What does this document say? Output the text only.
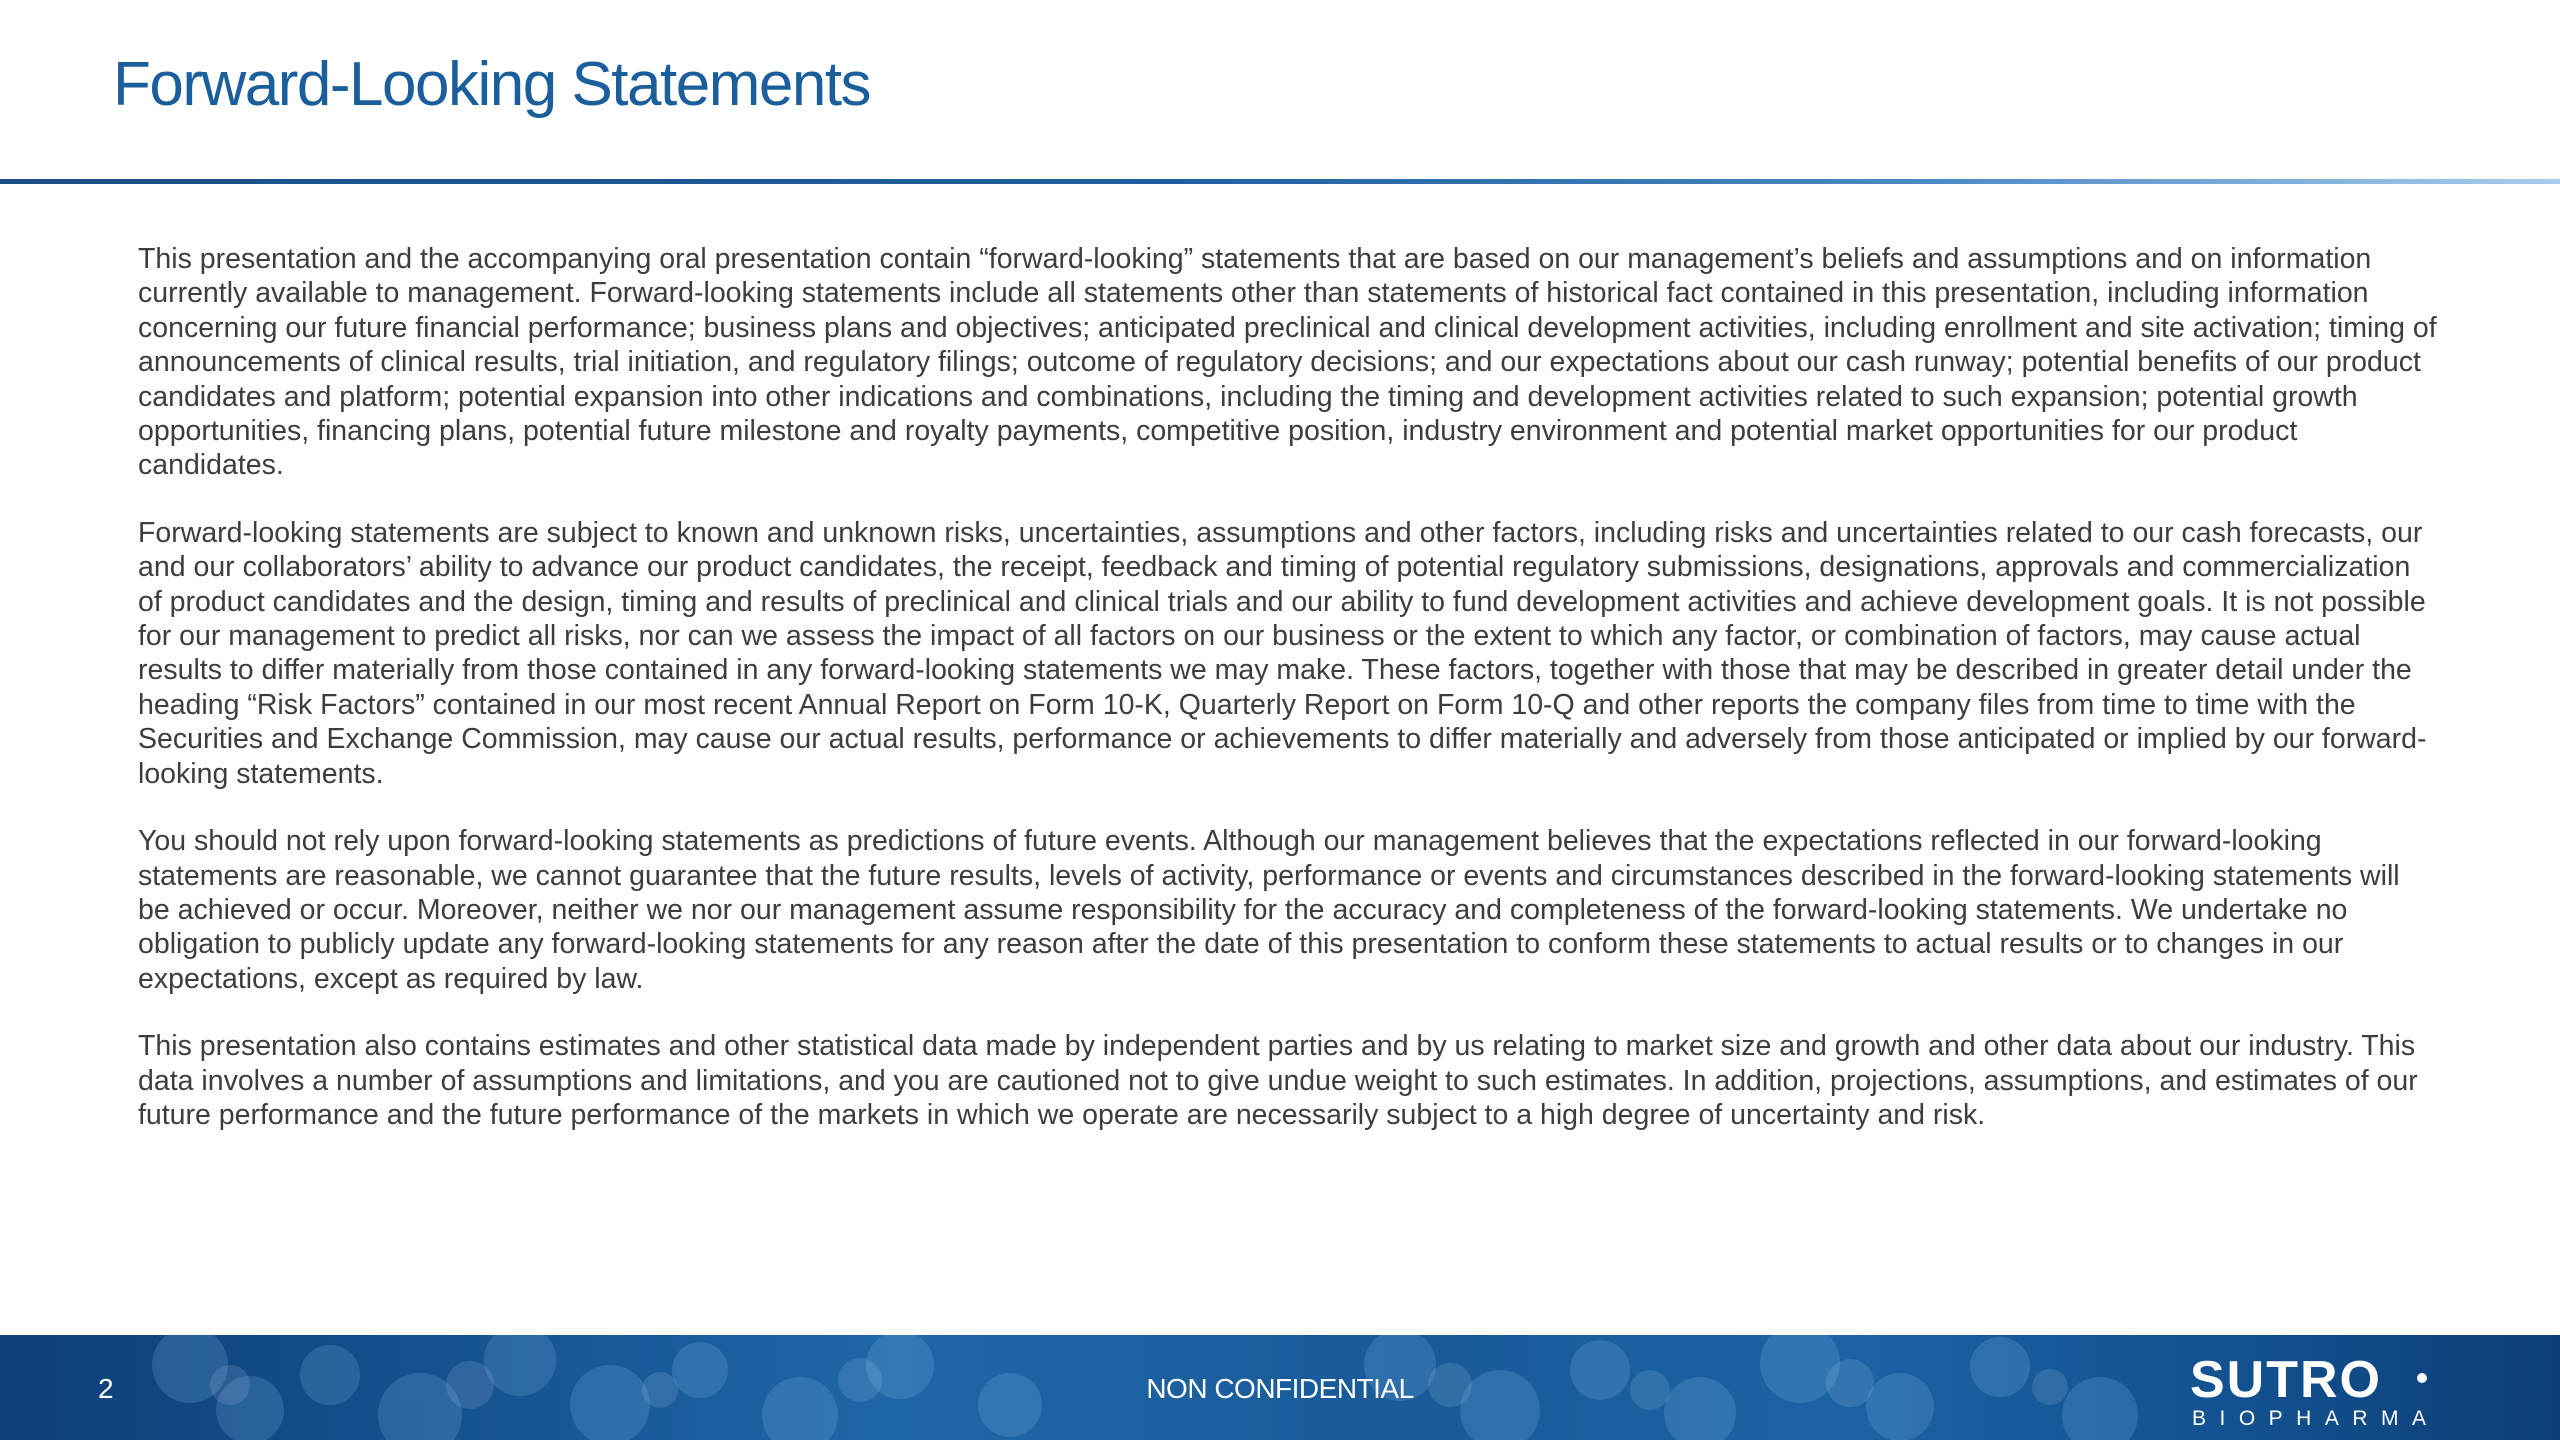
Forward-Looking Statements

This presentation and the accompanying oral presentation contain “forward-looking” statements that are based on our management’s beliefs and assumptions and on information currently available to management. Forward-looking statements include all statements other than statements of historical fact contained in this presentation, including information concerning our future financial performance; business plans and objectives; anticipated preclinical and clinical development activities, including enrollment and site activation; timing of announcements of clinical results, trial initiation, and regulatory filings; outcome of regulatory decisions; and our expectations about our cash runway; potential benefits of our product candidates and platform; potential expansion into other indications and combinations, including the timing and development activities related to such expansion; potential growth opportunities, financing plans, potential future milestone and royalty payments, competitive position, industry environment and potential market opportunities for our product candidates.

Forward-looking statements are subject to known and unknown risks, uncertainties, assumptions and other factors, including risks and uncertainties related to our cash forecasts, our and our collaborators’ ability to advance our product candidates, the receipt, feedback and timing of potential regulatory submissions, designations, approvals and commercialization of product candidates and the design, timing and results of preclinical and clinical trials and our ability to fund development activities and achieve development goals. It is not possible for our management to predict all risks, nor can we assess the impact of all factors on our business or the extent to which any factor, or combination of factors, may cause actual results to differ materially from those contained in any forward-looking statements we may make. These factors, together with those that may be described in greater detail under the heading “Risk Factors” contained in our most recent Annual Report on Form 10-K, Quarterly Report on Form 10-Q and other reports the company files from time to time with the Securities and Exchange Commission, may cause our actual results, performance or achievements to differ materially and adversely from those anticipated or implied by our forward-looking statements.

You should not rely upon forward-looking statements as predictions of future events. Although our management believes that the expectations reflected in our forward-looking statements are reasonable, we cannot guarantee that the future results, levels of activity, performance or events and circumstances described in the forward-looking statements will be achieved or occur. Moreover, neither we nor our management assume responsibility for the accuracy and completeness of the forward-looking statements. We undertake no obligation to publicly update any forward-looking statements for any reason after the date of this presentation to conform these statements to actual results or to changes in our expectations, except as required by law.

This presentation also contains estimates and other statistical data made by independent parties and by us relating to market size and growth and other data about our industry. This data involves a number of assumptions and limitations, and you are cautioned not to give undue weight to such estimates. In addition, projections, assumptions, and estimates of our future performance and the future performance of the markets in which we operate are necessarily subject to a high degree of uncertainty and risk.

2	NON CONFIDENTIAL	SUTRO
BIOPHARMA
